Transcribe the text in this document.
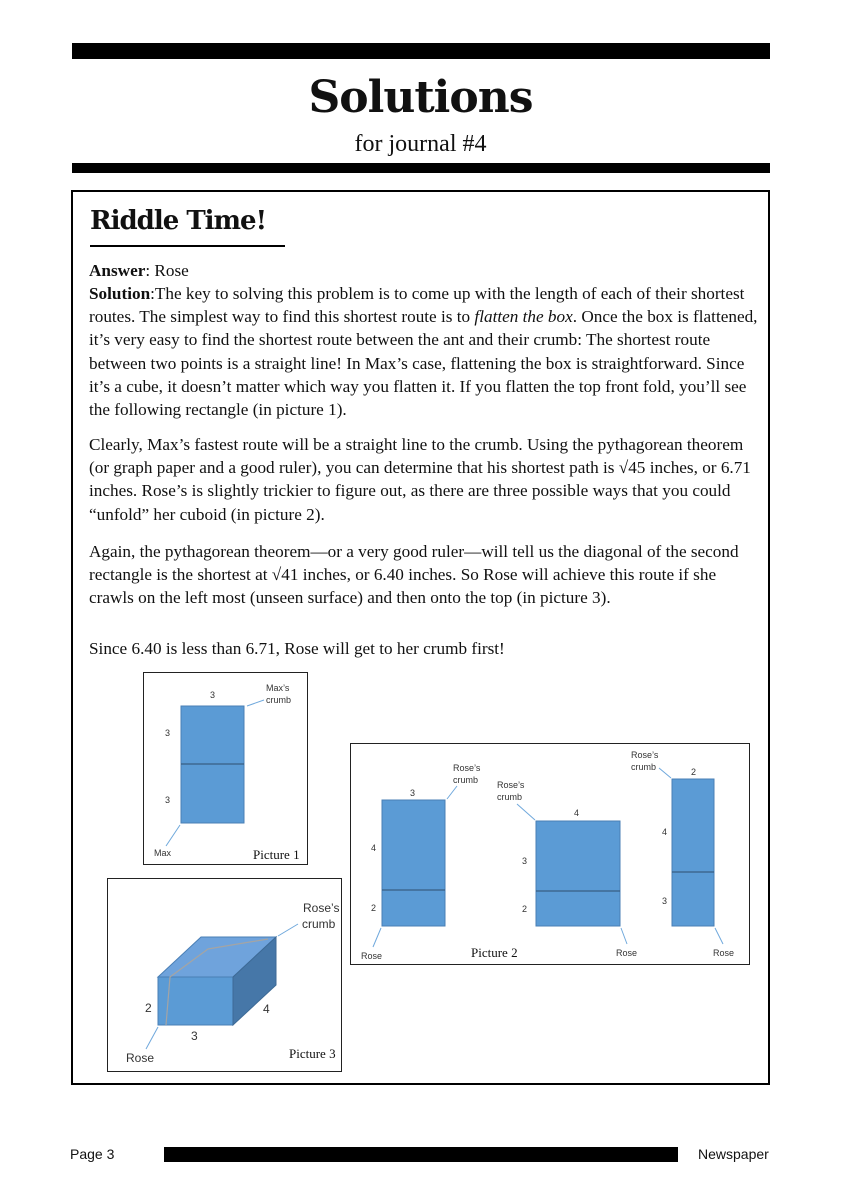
Solutions
for journal #4
Riddle Time!
Answer: Rose
Solution:The key to solving this problem is to come up with the length of each of their shortest routes. The simplest way to find this shortest route is to flatten the box. Once the box is flattened, it’s very easy to find the shortest route between the ant and their crumb: The shortest route between two points is a straight line! In Max’s case, flattening the box is straightforward. Since it’s a cube, it doesn’t matter which way you flatten it. If you flatten the top front fold, you’ll see the following rectangle (in picture 1).
Clearly, Max’s fastest route will be a straight line to the crumb. Using the pythagorean theorem (or graph paper and a good ruler), you can determine that his shortest path is √45 inches, or 6.71 inches. Rose’s is slightly trickier to figure out, as there are three possible ways that you could “unfold” her cuboid (in picture 2).
Again, the pythagorean theorem—or a very good ruler—will tell us the diagonal of the second rectangle is the shortest at √41 inches, or 6.40 inches. So Rose will achieve this route if she crawls on the left most (unseen surface) and then onto the top (in picture 3).
Since 6.40 is less than 6.71, Rose will get to her crumb first!
3
3
3
Max’s
crumb
Max	Picture 1
3
4
2
Rose’s
crumb
Rose
4
3
2
Rose’s
crumb
Rose
2
4
3
Rose’s
crumb
Rose
Picture 2
2
3
4
Rose’s
crumb
Rose	Picture 3
Page 3	Newspaper
